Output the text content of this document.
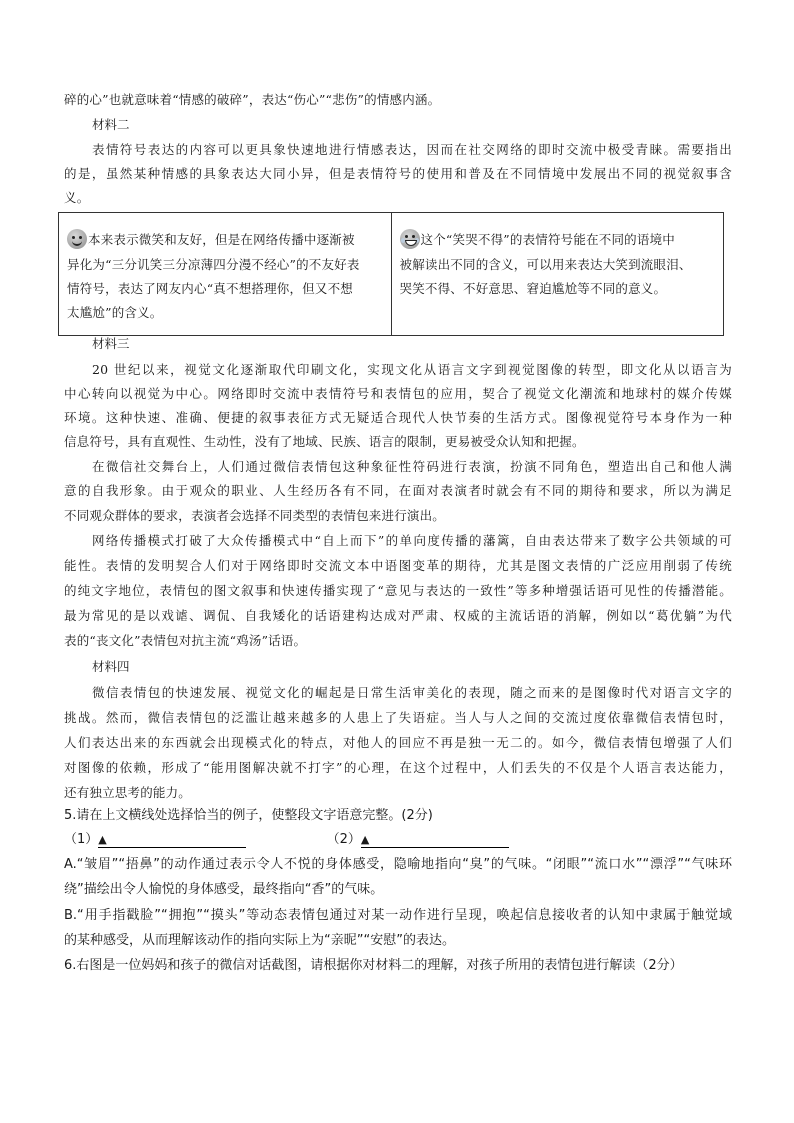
碎的心”也就意味着“情感的破碎”，表达“伤心”“悲伤”的情感内涵。
材料二
表情符号表达的内容可以更具象快速地进行情感表达，因而在社交网络的即时交流中极受青睐。需要指出
的是，虽然某种情感的具象表达大同小异，但是表情符号的使用和普及在不同情境中发展出不同的视觉叙事含
义。
本来表示微笑和友好，但是在网络传播中逐渐被
异化为“三分讥笑三分凉薄四分漫不经心”的不友好表
情符号，表达了网友内心“真不想搭理你，但又不想
太尴尬”的含义。

这个“笑哭不得”的表情符号能在不同的语境中
被解读出不同的含义，可以用来表达大笑到流眼泪、
哭笑不得、不好意思、窘迫尴尬等不同的意义。
材料三
20 世纪以来，视觉文化逐渐取代印刷文化，实现文化从语言文字到视觉图像的转型，即文化从以语言为
中心转向以视觉为中心。网络即时交流中表情符号和表情包的应用，契合了视觉文化潮流和地球村的媒介传媒
环境。这种快速、准确、便捷的叙事表征方式无疑适合现代人快节奏的生活方式。图像视觉符号本身作为一种
信息符号，具有直观性、生动性，没有了地域、民族、语言的限制，更易被受众认知和把握。
在微信社交舞台上，人们通过微信表情包这种象征性符码进行表演，扮演不同角色，塑造出自己和他人满
意的自我形象。由于观众的职业、人生经历各有不同，在面对表演者时就会有不同的期待和要求，所以为满足
不同观众群体的要求，表演者会选择不同类型的表情包来进行演出。
网络传播模式打破了大众传播模式中“自上而下”的单向度传播的藩篱，自由表达带来了数字公共领域的可
能性。表情的发明契合人们对于网络即时交流文本中语图变革的期待，尤其是图文表情的广泛应用削弱了传统
的纯文字地位，表情包的图文叙事和快速传播实现了“意见与表达的一致性”等多种增强话语可见性的传播潜能。
最为常见的是以戏谑、调侃、自我矮化的话语建构达成对严肃、权威的主流话语的消解，例如以“葛优躺”为代
表的“丧文化”表情包对抗主流“鸡汤”话语。
材料四
微信表情包的快速发展、视觉文化的崛起是日常生活审美化的表现，随之而来的是图像时代对语言文字的
挑战。然而，微信表情包的泛滥让越来越多的人患上了失语症。当人与人之间的交流过度依靠微信表情包时，
人们表达出来的东西就会出现模式化的特点，对他人的回应不再是独一无二的。如今，微信表情包增强了人们
对图像的依赖，形成了“能用图解决就不打字”的心理，在这个过程中，人们丢失的不仅是个人语言表达能力，
还有独立思考的能力。
5.请在上文横线处选择恰当的例子，使整段文字语意完整。(2分)
（1）▲	（2）▲
A.“皱眉”“捂鼻”的动作通过表示令人不悦的身体感受，隐喻地指向“臭”的气味。“闭眼”“流口水”“漂浮”“气味环
绕”描绘出令人愉悦的身体感受，最终指向“香”的气味。
B.“用手指戳脸”“拥抱”“摸头”等动态表情包通过对某一动作进行呈现，唤起信息接收者的认知中隶属于触觉域
的某种感受，从而理解该动作的指向实际上为“亲昵”“安慰”的表达。
6.右图是一位妈妈和孩子的微信对话截图，请根据你对材料二的理解，对孩子所用的表情包进行解读（2分）
